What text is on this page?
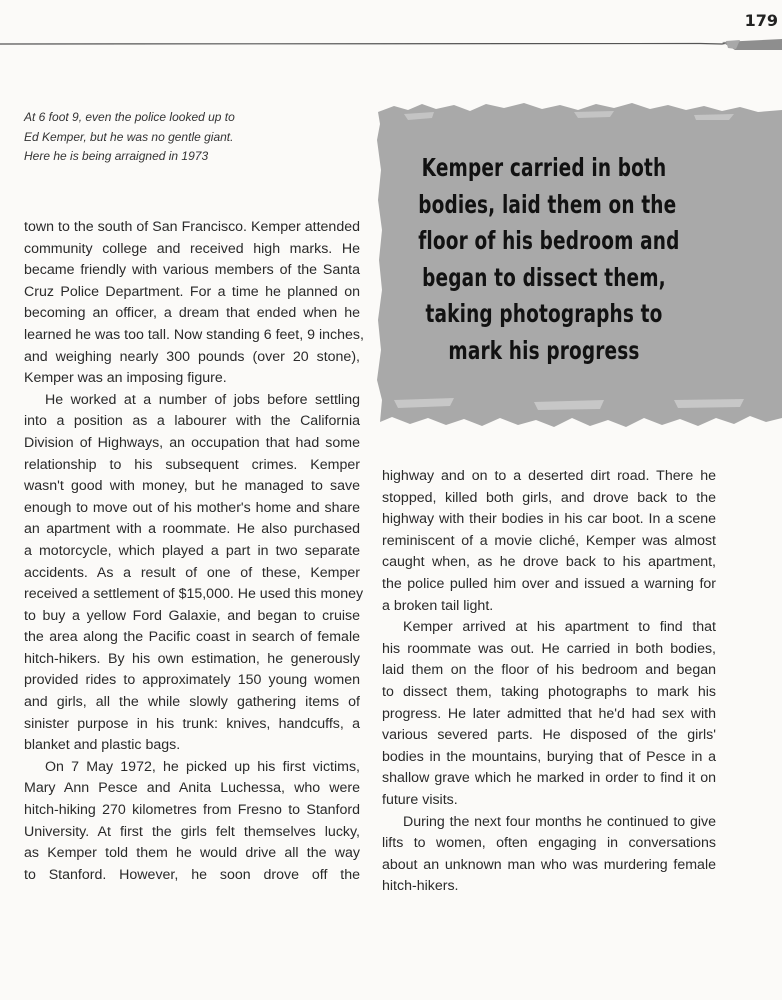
179
At 6 foot 9, even the police looked up to
Ed Kemper, but he was no gentle giant.
Here he is being arraigned in 1973	Kemper carried in both
bodies, laid them on the
floor of his bedroom and
began to dissect them,
taking photographs to
mark his progress
town to the south of San Francisco. Kemper attended
community college and received high marks. He
became friendly with various members of the Santa
Cruz Police Department. For a time he planned on
becoming an officer, a dream that ended when he
learned he was too tall. Now standing 6 feet, 9 inches,
and weighing nearly 300 pounds (over 20 stone),
Kemper was an imposing figure.
He worked at a number of jobs before settling
into a position as a labourer with the California
Division of Highways, an occupation that had some
relationship to his subsequent crimes. Kemper
wasn't good with money, but he managed to save
enough to move out of his mother's home and share
an apartment with a roommate. He also purchased
a motorcycle, which played a part in two separate
accidents. As a result of one of these, Kemper
received a settlement of $15,000. He used this money
to buy a yellow Ford Galaxie, and began to cruise
the area along the Pacific coast in search of female
hitch-hikers. By his own estimation, he generously
provided rides to approximately 150 young women
and girls, all the while slowly gathering items of
sinister purpose in his trunk: knives, handcuffs, a
blanket and plastic bags.
On 7 May 1972, he picked up his first victims,
Mary Ann Pesce and Anita Luchessa, who were
hitch-hiking 270 kilometres from Fresno to Stanford
University. At first the girls felt themselves lucky,
as Kemper told them he would drive all the way
to Stanford. However, he soon drove off the
highway and on to a deserted dirt road. There he
stopped, killed both girls, and drove back to the
highway with their bodies in his car boot. In a scene
reminiscent of a movie cliché, Kemper was almost
caught when, as he drove back to his apartment,
the police pulled him over and issued a warning for
a broken tail light.
Kemper arrived at his apartment to find that
his roommate was out. He carried in both bodies,
laid them on the floor of his bedroom and began
to dissect them, taking photographs to mark his
progress. He later admitted that he'd had sex with
various severed parts. He disposed of the girls'
bodies in the mountains, burying that of Pesce in a
shallow grave which he marked in order to find it on
future visits.
During the next four months he continued to give
lifts to women, often engaging in conversations
about an unknown man who was murdering female
hitch-hikers.
